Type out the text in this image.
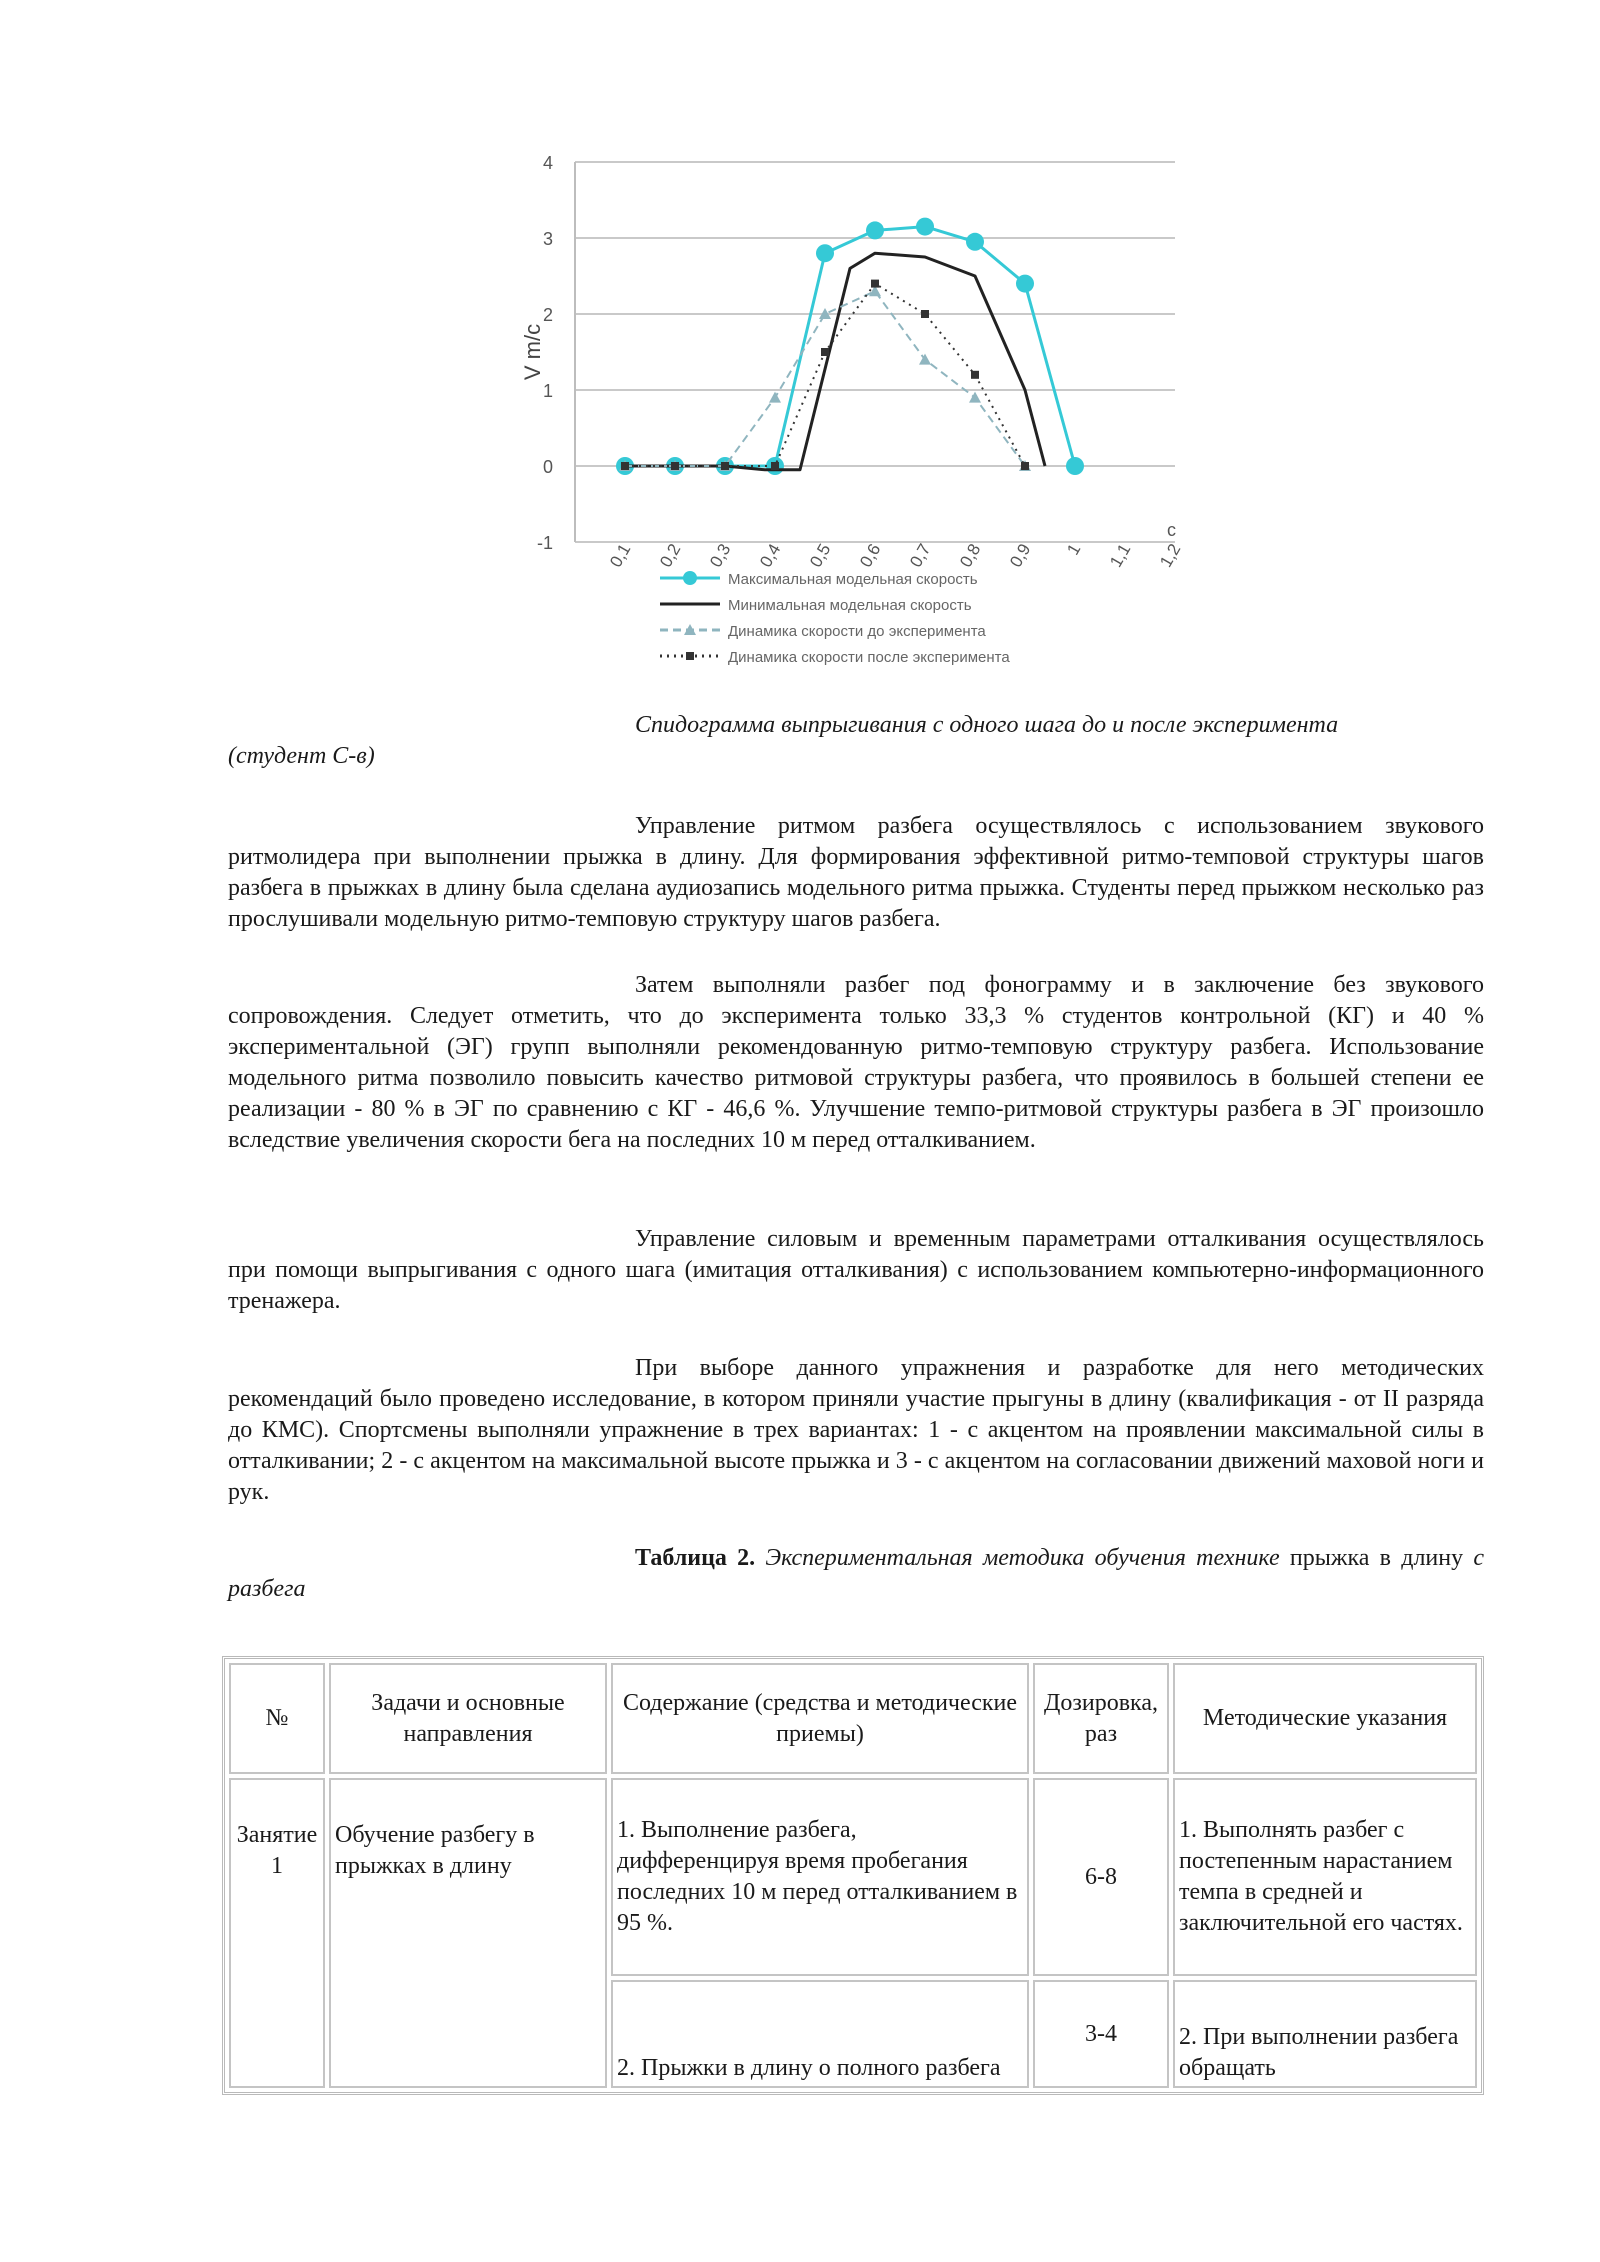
4
3
2
1
0
-1
V m/c
0,1 0,2 0,3 0,4 0,5 0,6 0,7 0,8 0,9 1 1,1 1,2
c
Максимальная модельная скорость
Минимальная модельная скорость
Динамика скорости до эксперимента
Динамика скорости после эксперимента
Спидограмма выпрыгивания с одного шага до и после эксперимента
(студент С-в)
Управление ритмом разбега осуществлялось с использованием звукового ритмолидера при выполнении прыжка в длину. Для формирования эффективной ритмо-темповой структуры шагов разбега в прыжках в длину была сделана аудиозапись модельного ритма прыжка. Студенты перед прыжком несколько раз прослушивали модельную ритмо-темповую структуру шагов разбега.
Затем выполняли разбег под фонограмму и в заключение без звукового сопровождения. Следует отметить, что до эксперимента только 33,3 % студентов контрольной (КГ) и 40 % экспериментальной (ЭГ) групп выполняли рекомендованную ритмо-темповую структуру разбега. Использование модельного ритма позволило повысить качество ритмовой структуры разбега, что проявилось в большей степени ее реализации - 80 % в ЭГ по сравнению с КГ - 46,6 %. Улучшение темпо-ритмовой структуры разбега в ЭГ произошло вследствие увеличения скорости бега на последних 10 м перед отталкиванием.
Управление силовым и временным параметрами отталкивания осуществлялось при помощи выпрыгивания с одного шага (имитация отталкивания) с использованием компьютерно-информационного тренажера.
При выборе данного упражнения и разработке для него методических рекомендаций было проведено исследование, в котором приняли участие прыгуны в длину (квалификация - от II разряда до КМС). Спортсмены выполняли упражнение в трех вариантах: 1 - с акцентом на проявлении максимальной силы в отталкивании; 2 - с акцентом на максимальной высоте прыжка и 3 - с акцентом на согласовании движений маховой ноги и рук.
Таблица 2. Экспериментальная методика обучения технике прыжка в длину с разбега
№	Задачи и основные направления	Содержание (средства и методические приемы)	Дозировка, раз	Методические указания
Занятие 1	Обучение разбегу в прыжках в длину	1. Выполнение разбега, дифференцируя время пробегания последних 10 м перед отталкиванием в 95 %.	6-8	1. Выполнять разбег с постепенным нарастанием темпа в средней и заключительной его частях.
		2. Прыжки в длину о полного разбега	3-4	2. При выполнении разбега обращать
